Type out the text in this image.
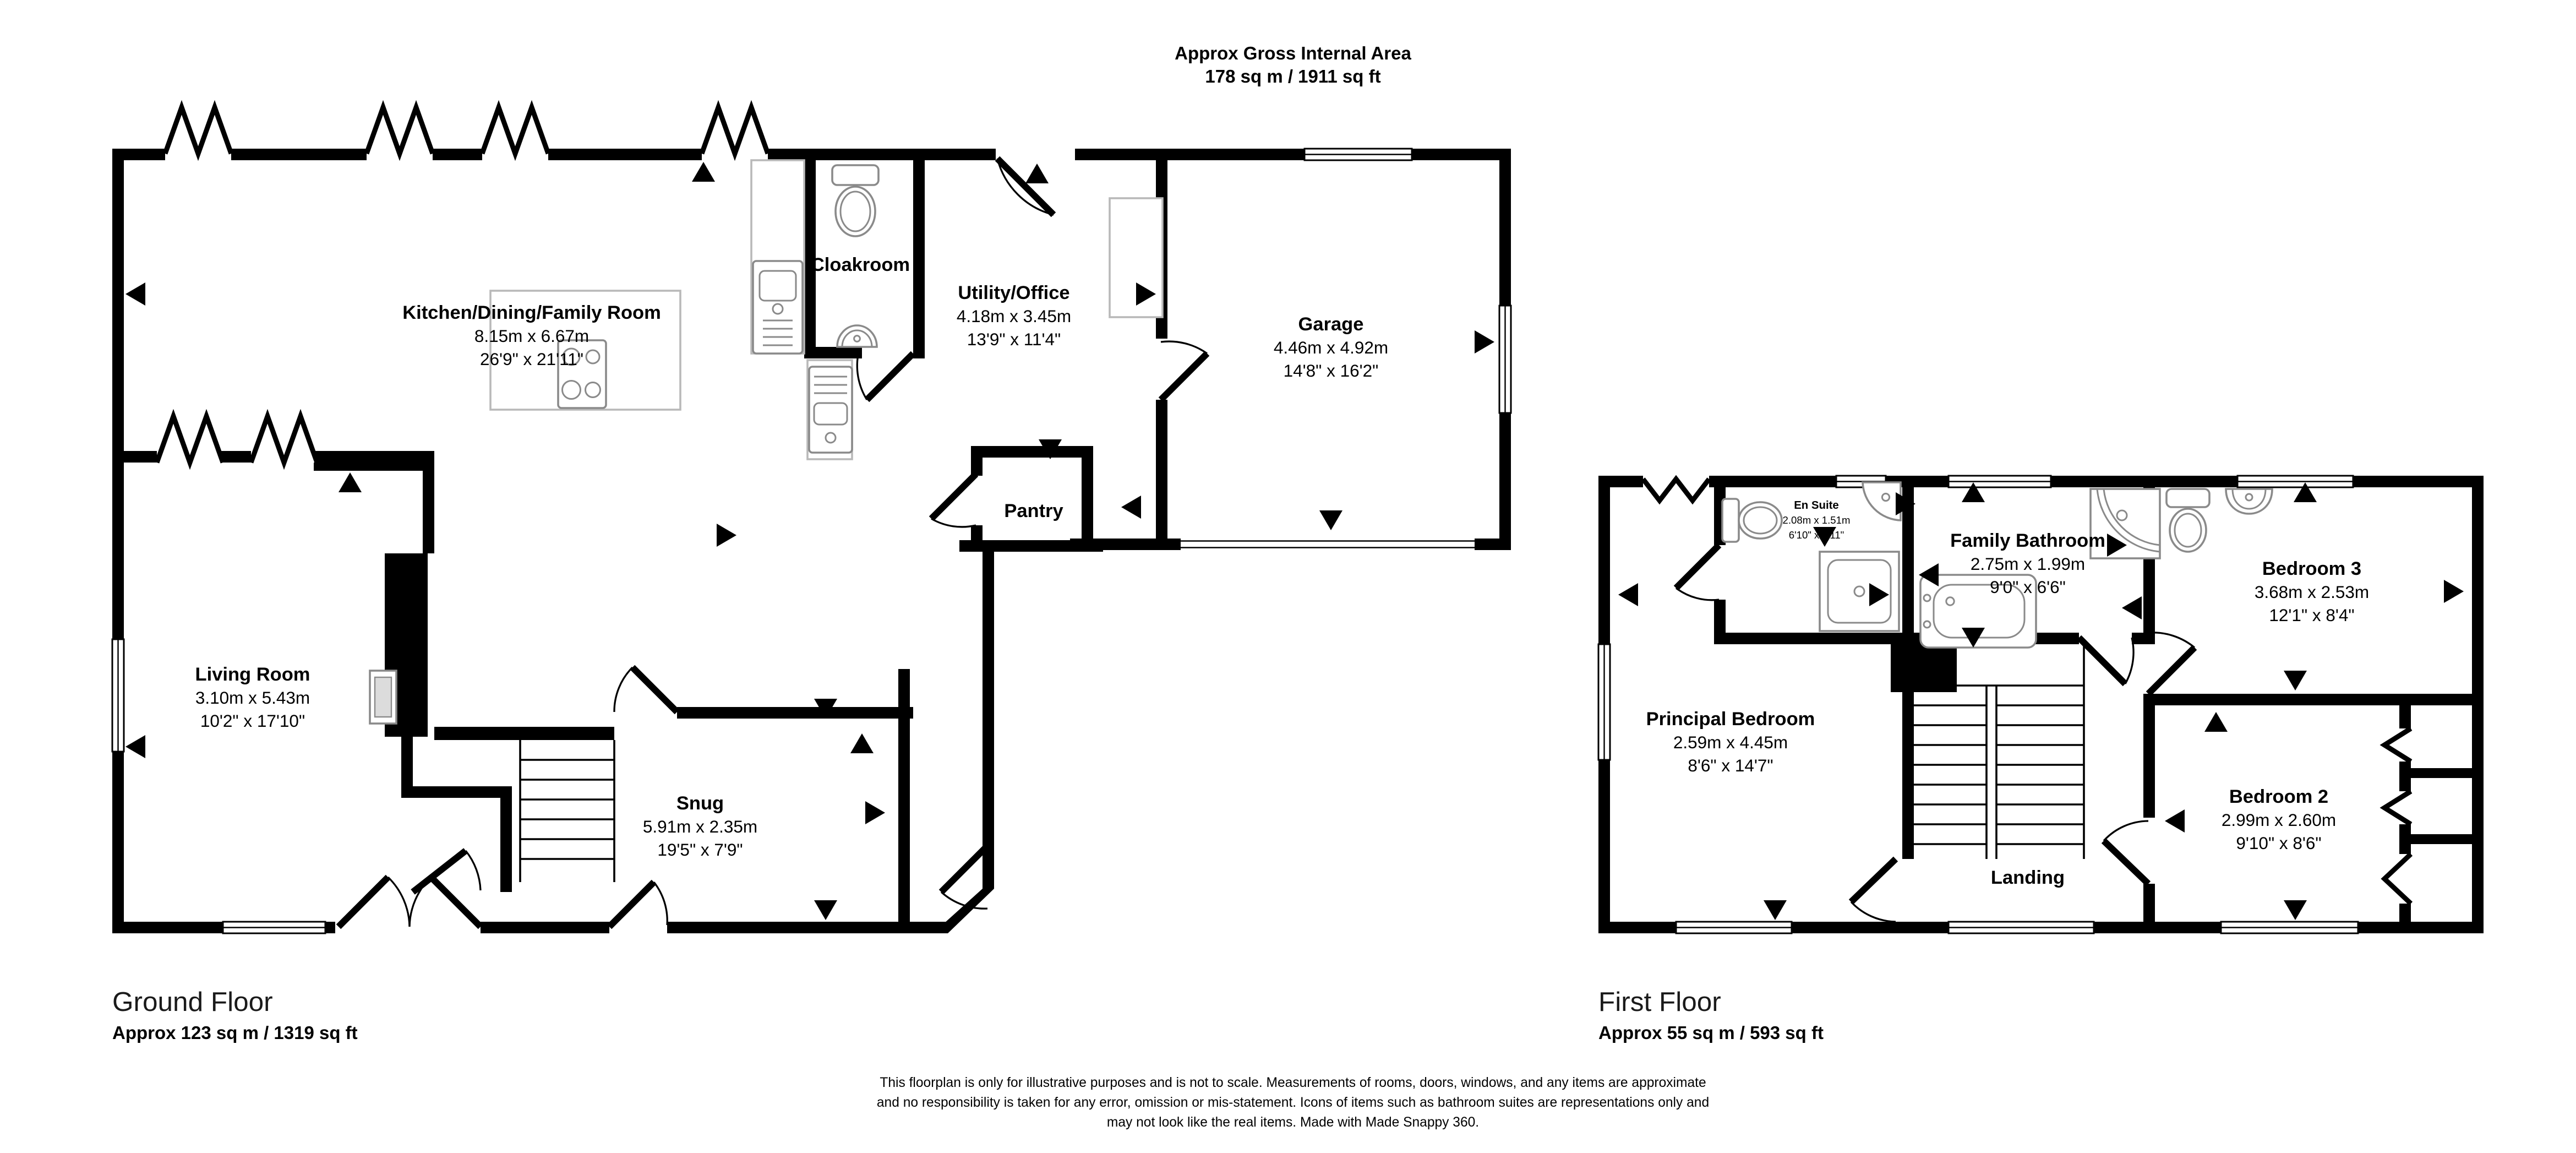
Approx Gross Internal Area
178 sq m / 1911 sq ft
Kitchen/Dining/Family Room
8.15m x 6.67m
26'9" x 21'11"
Cloakroom
Utility/Office
4.18m x 3.45m
13'9" x 11'4"
Garage
4.46m x 4.92m
14'8" x 16'2"
Living Room
3.10m x 5.43m
10'2" x 17'10"
Pantry
Snug
5.91m x 2.35m
19'5" x 7'9"
En Suite
2.08m x 1.51m
6'10" x 4'11"	Family Bathroom
2.75m x 1.99m
9'0" x 6'6"
Bedroom 3
3.68m x 2.53m
12'1" x 8'4"
Principal Bedroom
2.59m x 4.45m
8'6" x 14'7"
Bedroom 2
2.99m x 2.60m
9'10" x 8'6"
Landing
Ground Floor
Approx 123 sq m / 1319 sq ft
First Floor
Approx 55 sq m / 593 sq ft
This floorplan is only for illustrative purposes and is not to scale. Measurements of rooms, doors, windows, and any items are approximate
and no responsibility is taken for any error, omission or mis-statement. Icons of items such as bathroom suites are representations only and
may not look like the real items. Made with Made Snappy 360.
